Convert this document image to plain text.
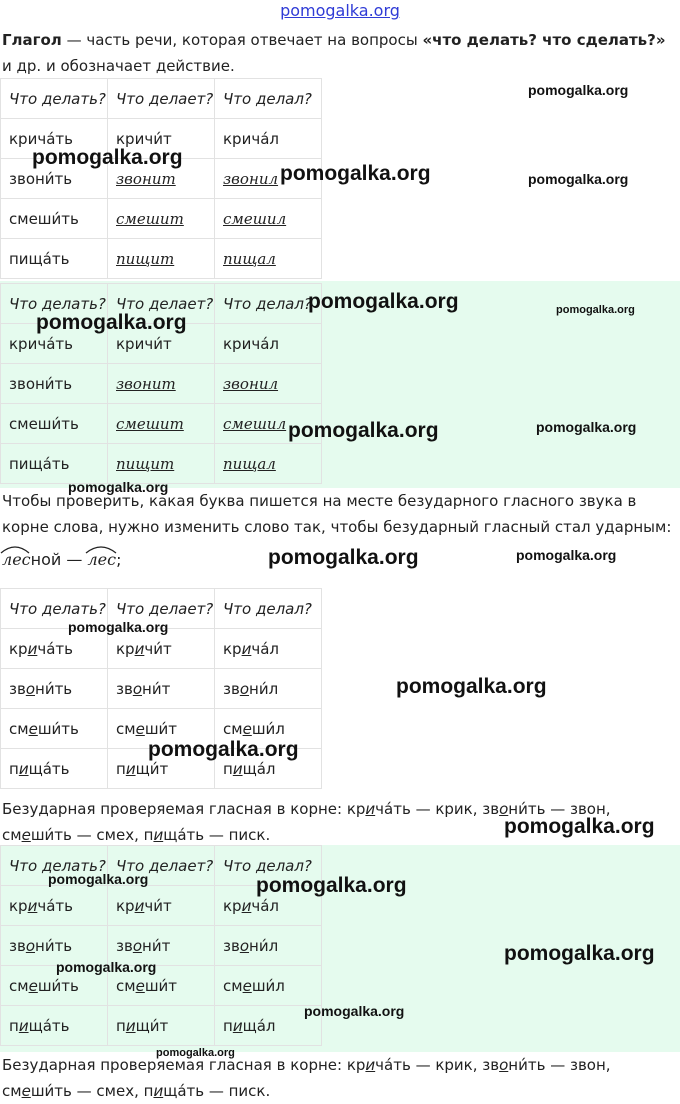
pomogalka.org
Глагол — часть речи, которая отвечает на вопросы «что делать? что сделать?» и др. и обозначает действие.
Что делать?	Что делает?	Что делал?
кричáть	кричи́т	кричáл
звони́ть	звонит	звонил
смеши́ть	смешит	смешил
пищáть	пищит	пищал
Что делать?	Что делает?	Что делал?
кричáть	кричи́т	кричáл
звони́ть	звонит	звонил
смеши́ть	смешит	смешил
пищáть	пищит	пищал
Что делать?	Что делает?	Что делал?
кричáть	кричи́т	кричáл
звони́ть	звони́т	звони́л
смеши́ть	смеши́т	смеши́л
пищáть	пищи́т	пищáл
Что делать?	Что делает?	Что делал?
кричáть	кричи́т	кричáл
звони́ть	звони́т	звони́л
смеши́ть	смеши́т	смеши́л
пищáть	пищи́т	пищáл
Чтобы проверить, какая буква пишется на месте безударного гласного звука в корне слова, нужно изменить слово так, чтобы безударный гласный стал ударным:
лесной —
лес;
Безударная проверяемая гласная в корне: кричáть — крик, звони́ть — звон, смеши́ть — смех, пищáть — писк.
Безударная проверяемая гласная в корне: кричáть — крик, звони́ть — звон, смеши́ть — смех, пищáть — писк.
pomogalka.org
pomogalka.org
pomogalka.org	pomogalka.org
pomogalka.org	pomogalka.org
pomogalka.org
pomogalka.org	pomogalka.org
pomogalka.org
pomogalka.org	pomogalka.org
pomogalka.org
pomogalka.org
pomogalka.org
pomogalka.org
pomogalka.org	pomogalka.org
pomogalka.org
pomogalka.org
pomogalka.org
pomogalka.org
